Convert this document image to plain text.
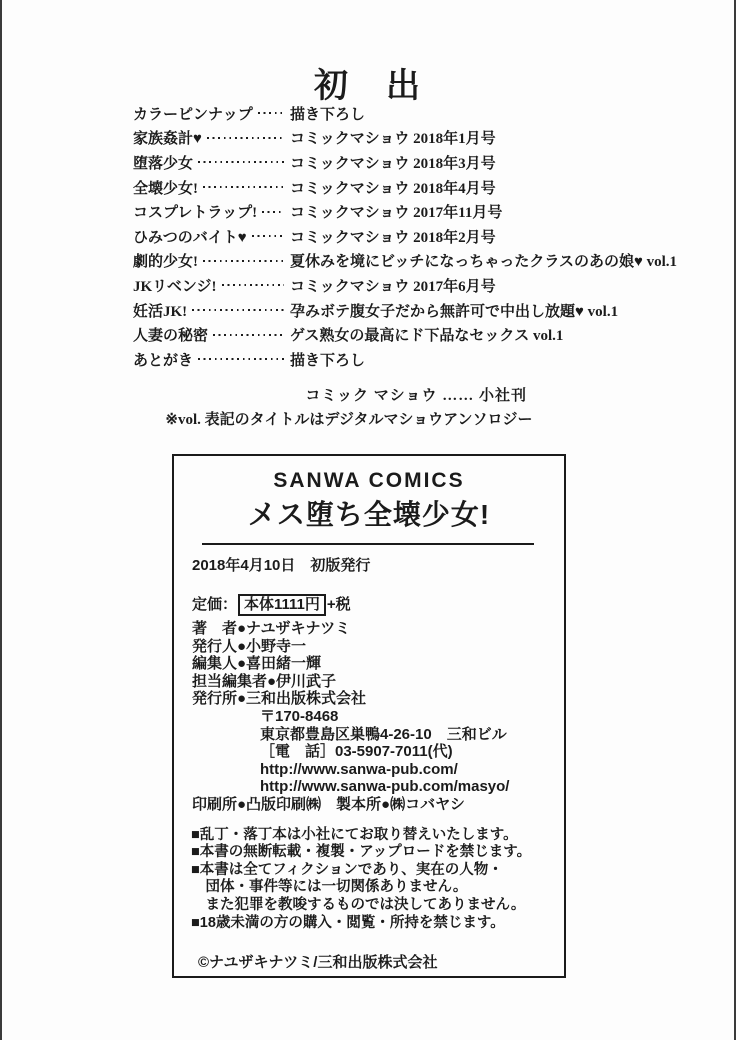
初　出
カラーピンナップ 描き下ろし
家族姦計♥	コミックマショウ 2018年1月号
堕落少女	コミックマショウ 2018年3月号
全壊少女!	コミックマショウ 2018年4月号
コスプレトラップ! コミックマショウ 2017年11月号
ひみつのバイト♥	コミックマショウ 2018年2月号
劇的少女!	夏休みを境にビッチになっちゃったクラスのあの娘♥ vol.1
JKリベンジ!	コミックマショウ 2017年6月号
妊活JK!	孕みボテ腹女子だから無許可で中出し放題♥ vol.1
人妻の秘密	ゲス熟女の最高にド下品なセックス vol.1
あとがき	描き下ろし
コミック マショウ …… 小社刊
※vol. 表記のタイトルはデジタルマショウアンソロジー
SANWA COMICS
メス堕ち全壊少女!
2018年4月10日　初版発行
定価： 本体1111円 +税
著　者●ナユザキナツミ
発行人●小野寺一
編集人●喜田緒一輝
担当編集者●伊川武子
発行所●三和出版株式会社
〒170-8468
東京都豊島区巣鴨4-26-10　三和ビル
［電　話］03-5907-7011(代)
http://www.sanwa-pub.com/
http://www.sanwa-pub.com/masyo/
印刷所●凸版印刷㈱　製本所●㈱コバヤシ
■乱丁・落丁本は小社にてお取り替えいたします。
■本書の無断転載・複製・アップロードを禁じます。
■本書は全てフィクションであり、実在の人物・
　団体・事件等には一切関係ありません。
　また犯罪を教唆するものでは決してありません。
■18歳未満の方の購入・閲覧・所持を禁じます。
©ナユザキナツミ/三和出版株式会社
